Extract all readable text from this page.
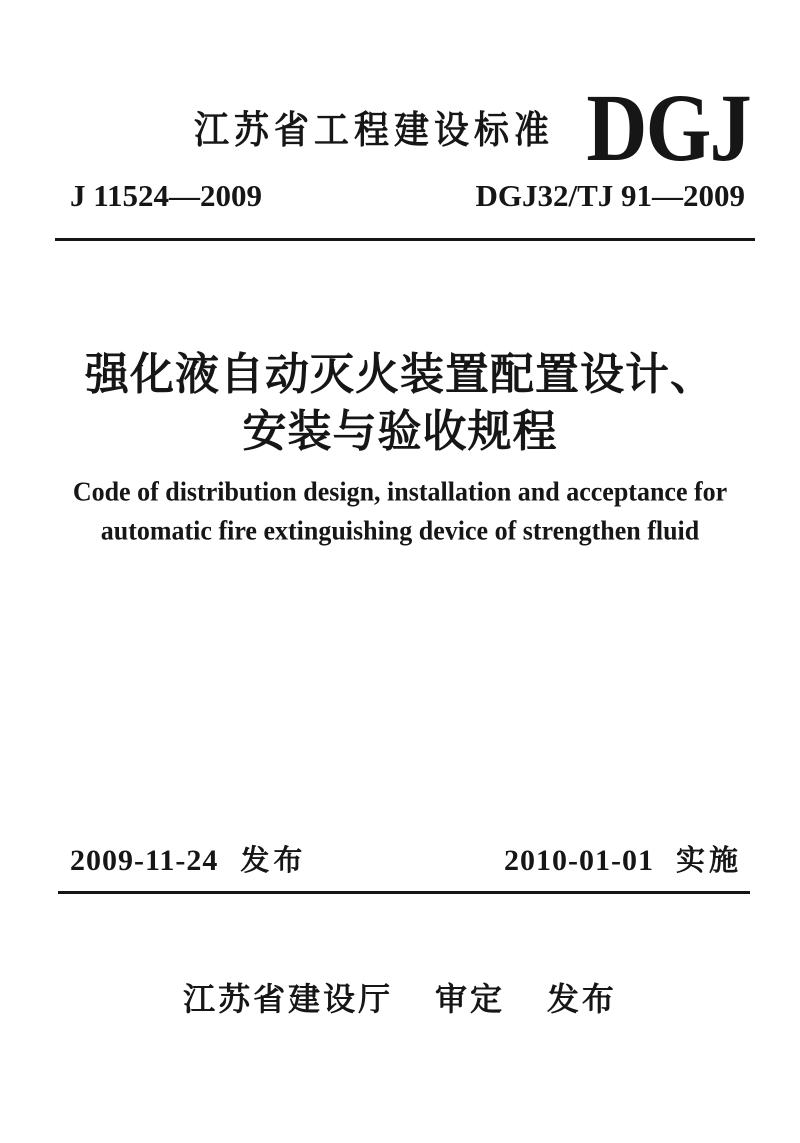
江苏省工程建设标准 DGJ
J 11524—2009	DGJ32/TJ 91—2009
强化液自动灭火装置配置设计、
安装与验收规程
Code of distribution design, installation and acceptance for
automatic fire extinguishing device of strengthen fluid
2009-11-24 发布	2010-01-01 实施
江苏省建设厅 审定 发布
